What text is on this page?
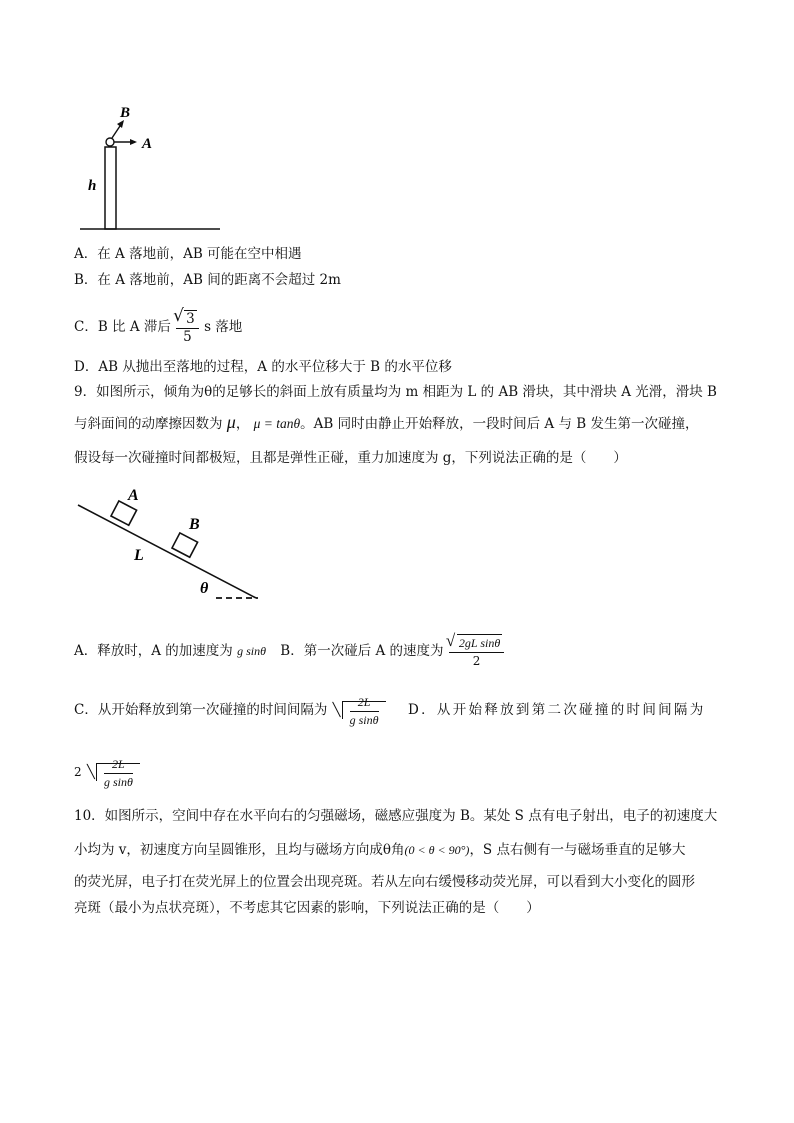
B
A
h
A．在 A 落地前，AB 可能在空中相遇
B．在 A 落地前，AB 间的距离不会超过 2m
C．B 比 A 滞后 √ $\frac{3}{5}$ s 落地
D．AB 从抛出至落地的过程，A 的水平位移大于 B 的水平位移
9．如图所示，倾角为θ的足够长的斜面上放有质量均为 m 相距为 L 的 AB 滑块，其中滑块 A 光滑，滑块 B
与斜面间的动摩擦因数为 μ， μ = tanθ。AB 同时由静止开始释放，一段时间后 A 与 B 发生第一次碰撞，
假设每一次碰撞时间都极短，且都是弹性正碰，重力加速度为 g，下列说法正确的是（　　）
A
B
L
θ
A．释放时，A 的加速度为 g sinθ B．第一次碰后 A 的速度为 √ $\frac{\text{2gL sinθ}}{2}$
C．从开始释放到第一次碰撞的时间间隔为 ╲ $\frac{2L}{\text{g sinθ}}$ D．从开始释放到第二次碰撞的时间间隔为
2 ╲ $\frac{2L}{\text{g sinθ}}$
10．如图所示，空间中存在水平向右的匀强磁场，磁感应强度为 B。某处 S 点有电子射出，电子的初速度大
小均为 v，初速度方向呈圆锥形，且均与磁场方向成θ角(0 < θ < 90°)，S 点右侧有一与磁场垂直的足够大
的荧光屏，电子打在荧光屏上的位置会出现亮斑。若从左向右缓慢移动荧光屏，可以看到大小变化的圆形
亮斑（最小为点状亮斑），不考虑其它因素的影响，下列说法正确的是（　　）
